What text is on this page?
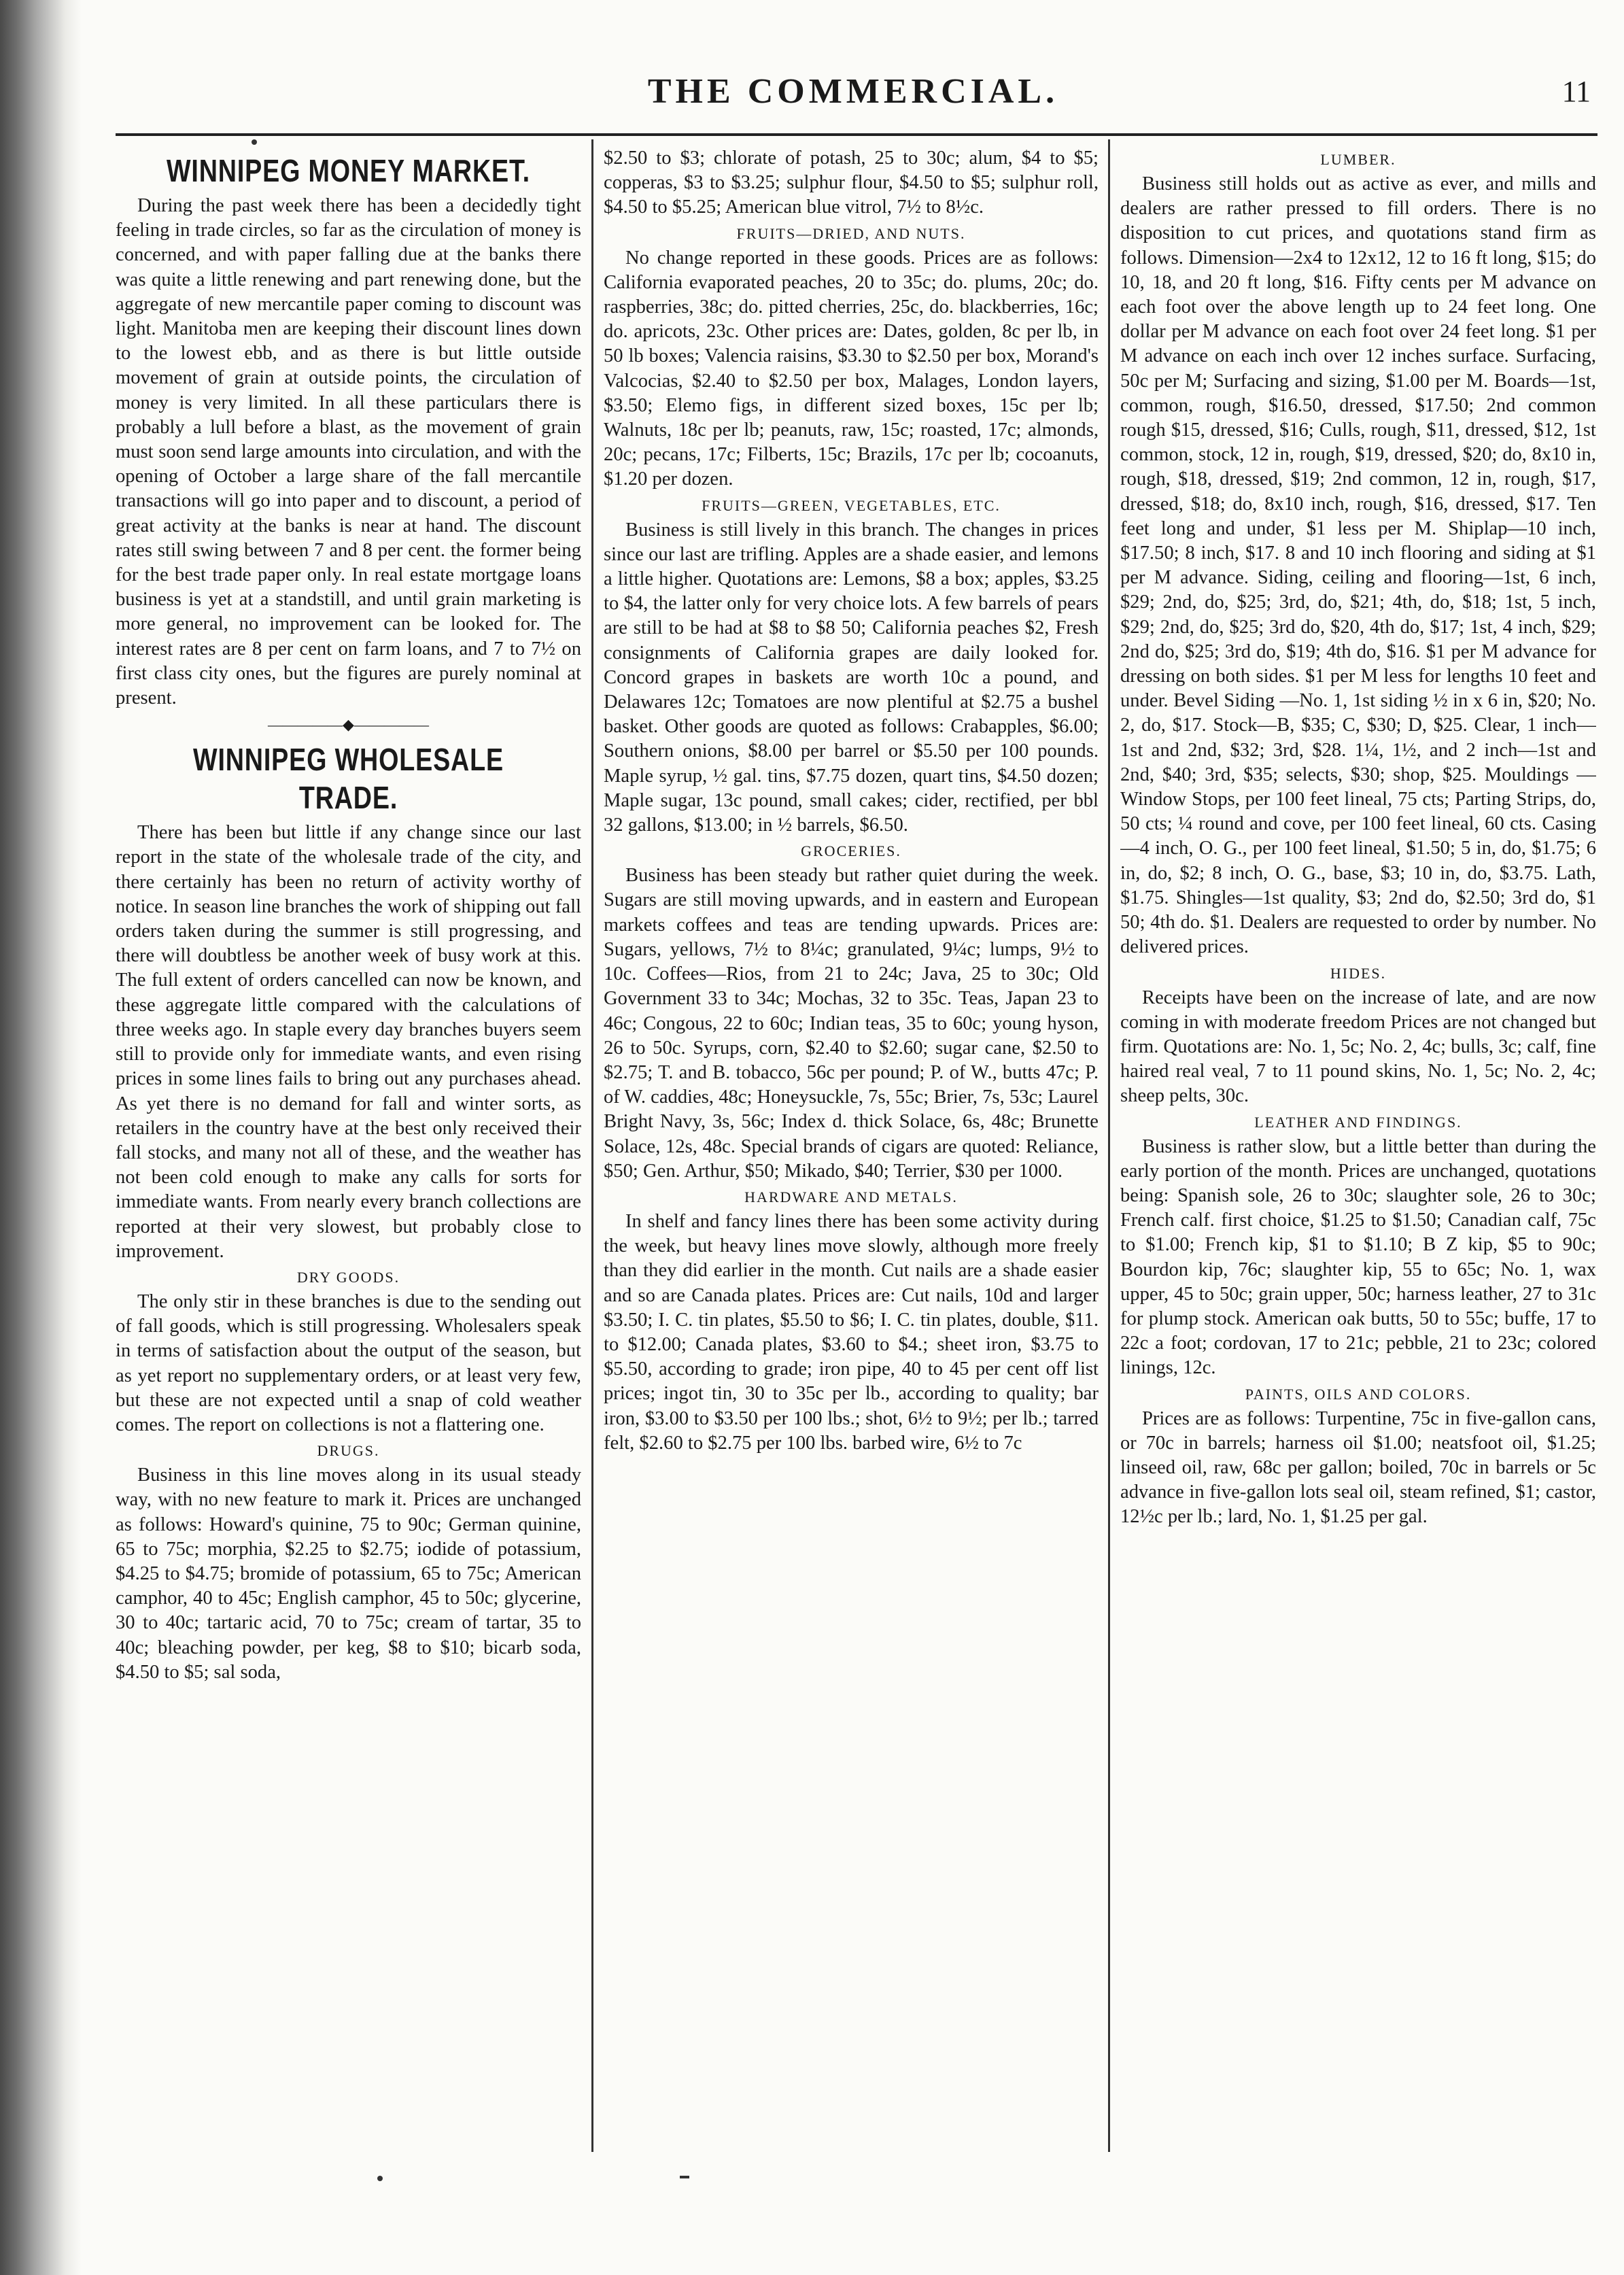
THE COMMERCIAL.	11
WINNIPEG MONEY MARKET.

During the past week there has been a decidedly tight feeling in trade circles, so far as the circulation of money is concerned, and with paper falling due at the banks there was quite a little renewing and part renewing done, but the aggregate of new mercantile paper coming to discount was light. Manitoba men are keeping their discount lines down to the lowest ebb, and as there is but little outside movement of grain at outside points, the circulation of money is very limited. In all these particulars there is probably a lull before a blast, as the movement of grain must soon send large amounts into circulation, and with the opening of October a large share of the fall mercantile transactions will go into paper and to discount, a period of great activity at the banks is near at hand. The discount rates still swing between 7 and 8 per cent. the former being for the best trade paper only. In real estate mortgage loans business is yet at a standstill, and until grain marketing is more general, no improvement can be looked for. The interest rates are 8 per cent on farm loans, and 7 to 7½ on first class city ones, but the figures are purely nominal at present.

—————◆—————
WINNIPEG WHOLESALE TRADE.

There has been but little if any change since our last report in the state of the wholesale trade of the city, and there certainly has been no return of activity worthy of notice. In season line branches the work of shipping out fall orders taken during the summer is still progressing, and there will doubtless be another week of busy work at this. The full extent of orders cancelled can now be known, and these aggregate little compared with the calculations of three weeks ago. In staple every day branches buyers seem still to provide only for immediate wants, and even rising prices in some lines fails to bring out any purchases ahead. As yet there is no demand for fall and winter sorts, as retailers in the country have at the best only received their fall stocks, and many not all of these, and the weather has not been cold enough to make any calls for sorts for immediate wants. From nearly every branch collections are reported at their very slowest, but probably close to improvement.

DRY GOODS.

The only stir in these branches is due to the sending out of fall goods, which is still progressing. Wholesalers speak in terms of satisfaction about the output of the season, but as yet report no supplementary orders, or at least very few, but these are not expected until a snap of cold weather comes. The report on collections is not a flattering one.

DRUGS.

Business in this line moves along in its usual steady way, with no new feature to mark it. Prices are unchanged as follows: Howard's quinine, 75 to 90c; German quinine, 65 to 75c; morphia, $2.25 to $2.75; iodide of potassium, $4.25 to $4.75; bromide of potassium, 65 to 75c; American camphor, 40 to 45c; English camphor, 45 to 50c; glycerine, 30 to 40c; tartaric acid, 70 to 75c; cream of tartar, 35 to 40c; bleaching powder, per keg, $8 to $10; bicarb soda, $4.50 to $5; sal soda,

$2.50 to $3; chlorate of potash, 25 to 30c; alum, $4 to $5; copperas, $3 to $3.25; sulphur flour, $4.50 to $5; sulphur roll, $4.50 to $5.25; American blue vitrol, 7½ to 8½c.

FRUITS—DRIED, AND NUTS.

No change reported in these goods. Prices are as follows: California evaporated peaches, 20 to 35c; do. plums, 20c; do. raspberries, 38c; do. pitted cherries, 25c, do. blackberries, 16c; do. apricots, 23c. Other prices are: Dates, golden, 8c per lb, in 50 lb boxes; Valencia raisins, $3.30 to $2.50 per box, Morand's Valcocias, $2.40 to $2.50 per box, Malages, London layers, $3.50; Elemo figs, in different sized boxes, 15c per lb; Walnuts, 18c per lb; peanuts, raw, 15c; roasted, 17c; almonds, 20c; pecans, 17c; Filberts, 15c; Brazils, 17c per lb; cocoanuts, $1.20 per dozen.

FRUITS—GREEN, VEGETABLES, ETC.

Business is still lively in this branch. The changes in prices since our last are trifling. Apples are a shade easier, and lemons a little higher. Quotations are: Lemons, $8 a box; apples, $3.25 to $4, the latter only for very choice lots. A few barrels of pears are still to be had at $8 to $8 50; California peaches $2, Fresh consignments of California grapes are daily looked for. Concord grapes in baskets are worth 10c a pound, and Delawares 12c; Tomatoes are now plentiful at $2.75 a bushel basket. Other goods are quoted as follows: Crabapples, $6.00; Southern onions, $8.00 per barrel or $5.50 per 100 pounds. Maple syrup, ½ gal. tins, $7.75 dozen, quart tins, $4.50 dozen; Maple sugar, 13c pound, small cakes; cider, rectified, per bbl 32 gallons, $13.00; in ½ barrels, $6.50.

GROCERIES.

Business has been steady but rather quiet during the week. Sugars are still moving upwards, and in eastern and European markets coffees and teas are tending upwards. Prices are: Sugars, yellows, 7½ to 8¼c; granulated, 9¼c; lumps, 9½ to 10c. Coffees—Rios, from 21 to 24c; Java, 25 to 30c; Old Government 33 to 34c; Mochas, 32 to 35c. Teas, Japan 23 to 46c; Congous, 22 to 60c; Indian teas, 35 to 60c; young hyson, 26 to 50c. Syrups, corn, $2.40 to $2.60; sugar cane, $2.50 to $2.75; T. and B. tobacco, 56c per pound; P. of W., butts 47c; P. of W. caddies, 48c; Honeysuckle, 7s, 55c; Brier, 7s, 53c; Laurel Bright Navy, 3s, 56c; Index d. thick Solace, 6s, 48c; Brunette Solace, 12s, 48c. Special brands of cigars are quoted: Reliance, $50; Gen. Arthur, $50; Mikado, $40; Terrier, $30 per 1000.

HARDWARE AND METALS.

In shelf and fancy lines there has been some activity during the week, but heavy lines move slowly, although more freely than they did earlier in the month. Cut nails are a shade easier and so are Canada plates. Prices are: Cut nails, 10d and larger $3.50; I. C. tin plates, $5.50 to $6; I. C. tin plates, double, $11. to $12.00; Canada plates, $3.60 to $4.; sheet iron, $3.75 to $5.50, according to grade; iron pipe, 40 to 45 per cent off list prices; ingot tin, 30 to 35c per lb., according to quality; bar iron, $3.00 to $3.50 per 100 lbs.; shot, 6½ to 9½; per lb.; tarred felt, $2.60 to $2.75 per 100 lbs. barbed wire, 6½ to 7c

LUMBER.

Business still holds out as active as ever, and mills and dealers are rather pressed to fill orders. There is no disposition to cut prices, and quotations stand firm as follows. Dimension—2x4 to 12x12, 12 to 16 ft long, $15; do 10, 18, and 20 ft long, $16. Fifty cents per M advance on each foot over the above length up to 24 feet long. One dollar per M advance on each foot over 24 feet long. $1 per M advance on each inch over 12 inches surface. Surfacing, 50c per M; Surfacing and sizing, $1.00 per M. Boards—1st, common, rough, $16.50, dressed, $17.50; 2nd common rough $15, dressed, $16; Culls, rough, $11, dressed, $12, 1st common, stock, 12 in, rough, $19, dressed, $20; do, 8x10 in, rough, $18, dressed, $19; 2nd common, 12 in, rough, $17, dressed, $18; do, 8x10 inch, rough, $16, dressed, $17. Ten feet long and under, $1 less per M. Shiplap—10 inch, $17.50; 8 inch, $17. 8 and 10 inch flooring and siding at $1 per M advance. Siding, ceiling and flooring—1st, 6 inch, $29; 2nd, do, $25; 3rd, do, $21; 4th, do, $18; 1st, 5 inch, $29; 2nd, do, $25; 3rd do, $20, 4th do, $17; 1st, 4 inch, $29; 2nd do, $25; 3rd do, $19; 4th do, $16. $1 per M advance for dressing on both sides. $1 per M less for lengths 10 feet and under. Bevel Siding —No. 1, 1st siding ½ in x 6 in, $20; No. 2, do, $17. Stock—B, $35; C, $30; D, $25. Clear, 1 inch—1st and 2nd, $32; 3rd, $28. 1¼, 1½, and 2 inch—1st and 2nd, $40; 3rd, $35; selects, $30; shop, $25. Mouldings —Window Stops, per 100 feet lineal, 75 cts; Parting Strips, do, 50 cts; ¼ round and cove, per 100 feet lineal, 60 cts. Casing—4 inch, O. G., per 100 feet lineal, $1.50; 5 in, do, $1.75; 6 in, do, $2; 8 inch, O. G., base, $3; 10 in, do, $3.75. Lath, $1.75. Shingles—1st quality, $3; 2nd do, $2.50; 3rd do, $1 50; 4th do. $1. Dealers are requested to order by number. No delivered prices.

HIDES.

Receipts have been on the increase of late, and are now coming in with moderate freedom Prices are not changed but firm. Quotations are: No. 1, 5c; No. 2, 4c; bulls, 3c; calf, fine haired real veal, 7 to 11 pound skins, No. 1, 5c; No. 2, 4c; sheep pelts, 30c.

LEATHER AND FINDINGS.

Business is rather slow, but a little better than during the early portion of the month. Prices are unchanged, quotations being: Spanish sole, 26 to 30c; slaughter sole, 26 to 30c; French calf. first choice, $1.25 to $1.50; Canadian calf, 75c to $1.00; French kip, $1 to $1.10; B Z kip, $5 to 90c; Bourdon kip, 76c; slaughter kip, 55 to 65c; No. 1, wax upper, 45 to 50c; grain upper, 50c; harness leather, 27 to 31c for plump stock. American oak butts, 50 to 55c; buffe, 17 to 22c a foot; cordovan, 17 to 21c; pebble, 21 to 23c; colored linings, 12c.

PAINTS, OILS AND COLORS.

Prices are as follows: Turpentine, 75c in five-gallon cans, or 70c in barrels; harness oil $1.00; neatsfoot oil, $1.25; linseed oil, raw, 68c per gallon; boiled, 70c in barrels or 5c advance in five-gallon lots seal oil, steam refined, $1; castor, 12½c per lb.; lard, No. 1, $1.25 per gal.
